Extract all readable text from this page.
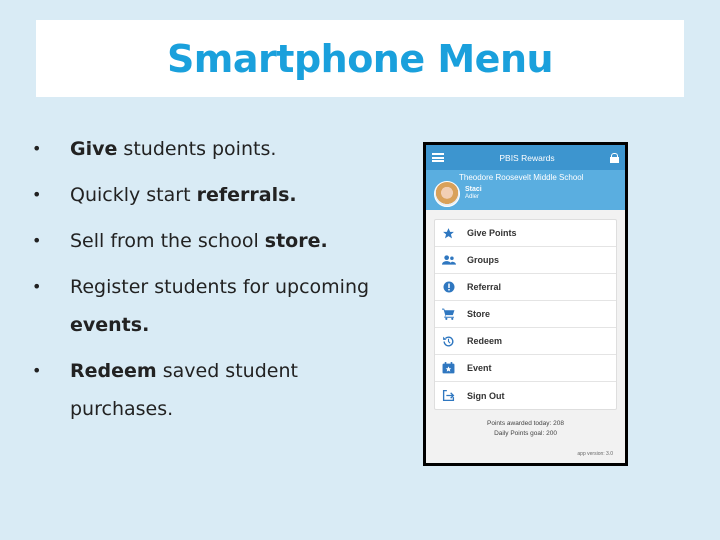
Smartphone Menu
• Give students points.
• Quickly start referrals.
• Sell from the school store.
• Register students for upcoming events.
• Redeem saved student purchases.
PBIS Rewards
Theodore Roosevelt Middle School
Staci
Adler
Give Points
Groups
Referral
Store
Redeem
Event
Sign Out
Points awarded today: 208
Daily Points goal: 200
app version: 3.0
